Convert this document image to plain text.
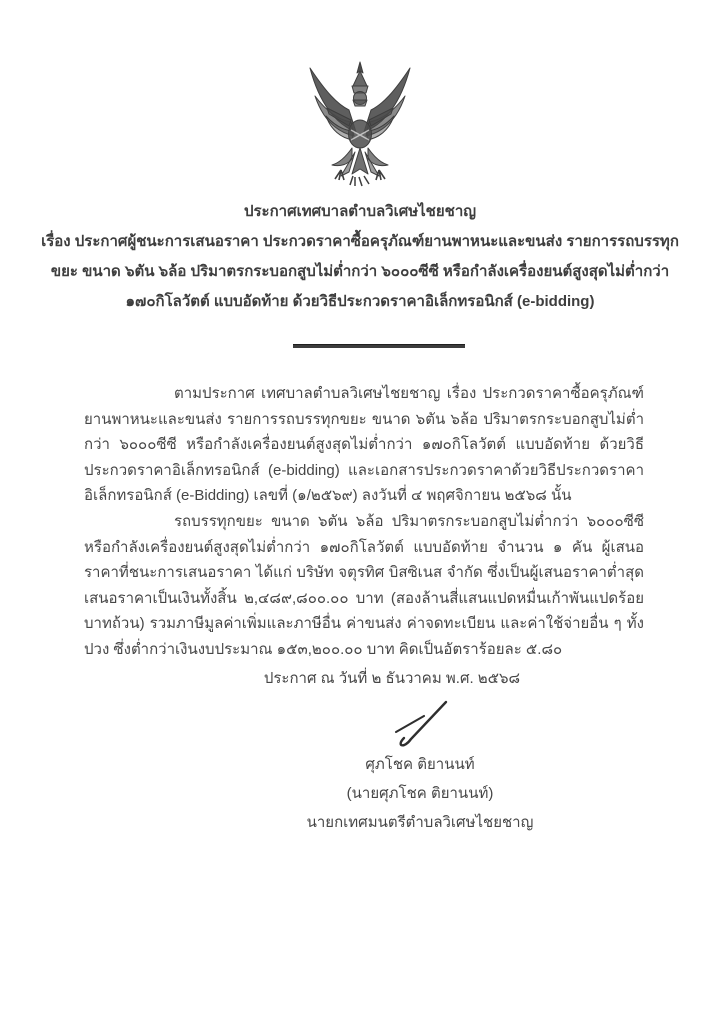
ประกาศเทศบาลตำบลวิเศษไชยชาญ
เรื่อง ประกาศผู้ชนะการเสนอราคา ประกวดราคาซื้อครุภัณฑ์ยานพาหนะและขนส่ง รายการรถบรรทุก
ขยะ ขนาด ๖ตัน ๖ล้อ ปริมาตรกระบอกสูบไม่ต่ำกว่า ๖๐๐๐ซีซี หรือกำลังเครื่องยนต์สูงสุดไม่ต่ำกว่า
๑๗๐กิโลวัตต์ แบบอัดท้าย ด้วยวิธีประกวดราคาอิเล็กทรอนิกส์ (e-bidding)
ตามประกาศ เทศบาลตำบลวิเศษไชยชาญ เรื่อง ประกวดราคาซื้อครุภัณฑ์ยานพาหนะและขนส่ง รายการรถบรรทุกขยะ ขนาด ๖ตัน ๖ล้อ ปริมาตรกระบอกสูบไม่ต่ำกว่า ๖๐๐๐ซีซี หรือกำลังเครื่องยนต์สูงสุดไม่ต่ำกว่า ๑๗๐กิโลวัตต์ แบบอัดท้าย ด้วยวิธีประกวดราคาอิเล็กทรอนิกส์ (e-bidding) และเอกสารประกวดราคาด้วยวิธีประกวดราคาอิเล็กทรอนิกส์ (e-Bidding) เลขที่ (๑/๒๕๖๙) ลงวันที่ ๔ พฤศจิกายน ๒๕๖๘ นั้น
รถบรรทุกขยะ ขนาด ๖ตัน ๖ล้อ ปริมาตรกระบอกสูบไม่ต่ำกว่า ๖๐๐๐ซีซี หรือกำลังเครื่องยนต์สูงสุดไม่ต่ำกว่า ๑๗๐กิโลวัตต์ แบบอัดท้าย จำนวน ๑ คัน ผู้เสนอราคาที่ชนะการเสนอราคา ได้แก่ บริษัท จตุรทิศ บิสซิเนส จำกัด ซึ่งเป็นผู้เสนอราคาต่ำสุด เสนอราคาเป็นเงินทั้งสิ้น ๒,๔๘๙,๘๐๐.๐๐ บาท (สองล้านสี่แสนแปดหมื่นเก้าพันแปดร้อยบาทถ้วน) รวมภาษีมูลค่าเพิ่มและภาษีอื่น ค่าขนส่ง ค่าจดทะเบียน และค่าใช้จ่ายอื่น ๆ ทั้งปวง ซึ่งต่ำกว่าเงินงบประมาณ ๑๕๓,๒๐๐.๐๐ บาท คิดเป็นอัตราร้อยละ ๕.๘๐
ประกาศ ณ วันที่ ๒ ธันวาคม พ.ศ. ๒๕๖๘
ศุภโชค ติยานนท์
(นายศุภโชค ติยานนท์)
นายกเทศมนตรีตำบลวิเศษไชยชาญ
